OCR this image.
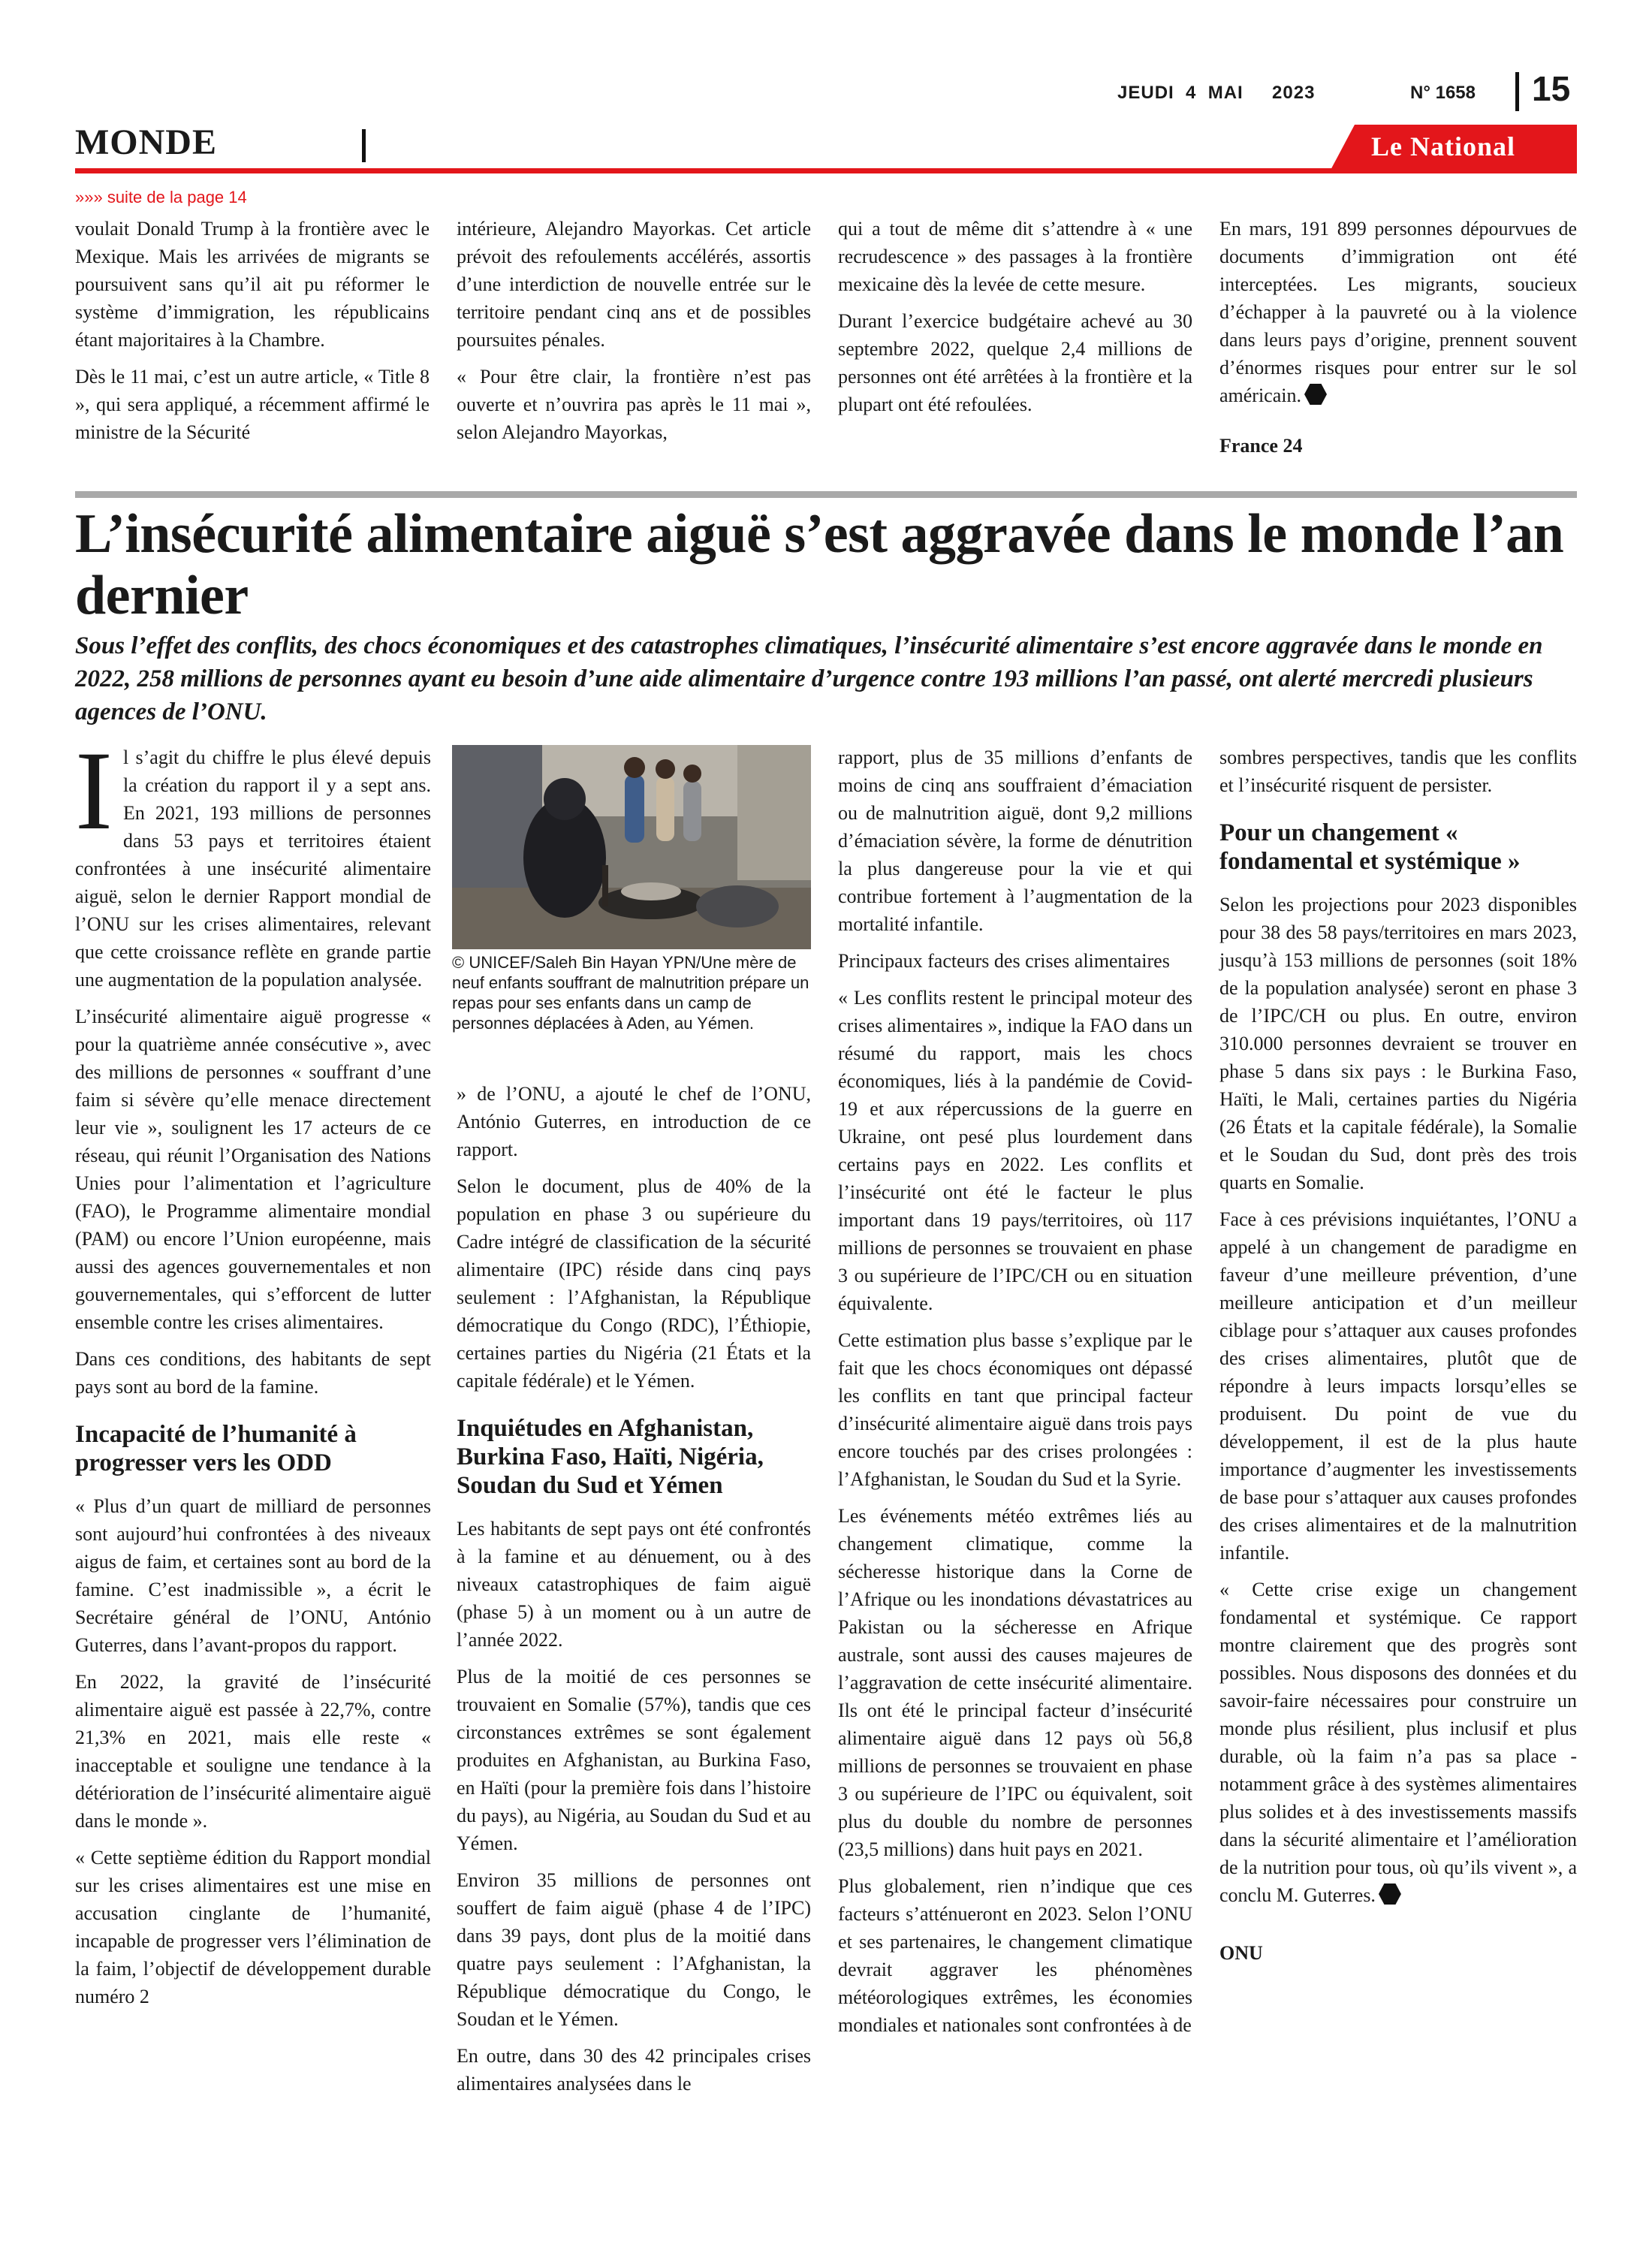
JEUDI  4  MAI     2023	N° 1658 15
MONDE	Le National
»»» suite de la page 14

voulait Donald Trump à la frontière avec le Mexique. Mais les arrivées de migrants se poursuivent sans qu’il ait pu réformer le système d’immigration, les républicains étant majoritaires à la Chambre.

Dès le 11 mai, c’est un autre article, « Title 8 », qui sera appliqué, a récemment affirmé le ministre de la Sécurité

intérieure, Alejandro Mayorkas. Cet article prévoit des refoulements accélérés, assortis d’une interdiction de nouvelle entrée sur le territoire pendant cinq ans et de possibles poursuites pénales.

« Pour être clair, la frontière n’est pas ouverte et n’ouvrira pas après le 11 mai », selon Alejandro Mayorkas,

qui a tout de même dit s’attendre à « une recrudescence » des passages à la frontière mexicaine dès la levée de cette mesure.

Durant l’exercice budgétaire achevé au 30 septembre 2022, quelque 2,4 millions de personnes ont été arrêtées à la frontière et la plupart ont été refoulées.

En mars, 191 899 personnes dépourvues de documents d’immigration ont été interceptées. Les migrants, soucieux d’échapper à la pauvreté ou à la violence dans leurs pays d’origine, prennent souvent d’énormes risques pour entrer sur le sol américain.

France 24
L’insécurité alimentaire aiguë s’est aggravée dans le monde l’an dernier
Sous l’effet des conflits, des chocs économiques et des catastrophes climatiques, l’insécurité alimentaire s’est encore aggravée dans le monde en 2022, 258 millions de personnes ayant eu besoin d’une aide alimentaire d’urgence contre 193 millions l’an passé, ont alerté mercredi plusieurs agences de l’ONU.

Il s’agit du chiffre le plus élevé depuis la création du rapport il y a sept ans. En 2021, 193 millions de personnes dans 53 pays et territoires étaient confrontées à une insécurité alimentaire aiguë, selon le dernier Rapport mondial de l’ONU sur les crises alimentaires, relevant que cette croissance reflète en grande partie une augmentation de la population analysée.

L’insécurité alimentaire aiguë progresse « pour la quatrième année consécutive », avec des millions de personnes « souffrant d’une faim si sévère qu’elle menace directement leur vie », soulignent les 17 acteurs de ce réseau, qui réunit l’Organisation des Nations Unies pour l’alimentation et l’agriculture (FAO), le Programme alimentaire mondial (PAM) ou encore l’Union européenne, mais aussi des agences gouvernementales et non gouvernementales, qui s’efforcent de lutter ensemble contre les crises alimentaires.

Dans ces conditions, des habitants de sept pays sont au bord de la famine.

Incapacité de l’humanité à progresser vers les ODD

« Plus d’un quart de milliard de personnes sont aujourd’hui confrontées à des niveaux aigus de faim, et certaines sont au bord de la famine. C’est inadmissible », a écrit le Secrétaire général de l’ONU, António Guterres, dans l’avant-propos du rapport.

En 2022, la gravité de l’insécurité alimentaire aiguë est passée à 22,7%, contre 21,3% en 2021, mais elle reste « inacceptable et souligne une tendance à la détérioration de l’insécurité alimentaire aiguë dans le monde ».

« Cette septième édition du Rapport mondial sur les crises alimentaires est une mise en accusation cinglante de l’humanité, incapable de progresser vers l’élimination de la faim, l’objectif de développement durable numéro 2

© UNICEF/Saleh Bin Hayan YPN/Une mère de neuf enfants souffrant de malnutrition prépare un repas pour ses enfants dans un camp de personnes déplacées à Aden, au Yémen.

» de l’ONU, a ajouté le chef de l’ONU, António Guterres, en introduction de ce rapport.

Selon le document, plus de 40% de la population en phase 3 ou supérieure du Cadre intégré de classification de la sécurité alimentaire (IPC) réside dans cinq pays seulement : l’Afghanistan, la République démocratique du Congo (RDC), l’Éthiopie, certaines parties du Nigéria (21 États et la capitale fédérale) et le Yémen.

Inquiétudes en Afghanistan, Burkina Faso, Haïti, Nigéria, Soudan du Sud et Yémen

Les habitants de sept pays ont été confrontés à la famine et au dénuement, ou à des niveaux catastrophiques de faim aiguë (phase 5) à un moment ou à un autre de l’année 2022.

Plus de la moitié de ces personnes se trouvaient en Somalie (57%), tandis que ces circonstances extrêmes se sont également produites en Afghanistan, au Burkina Faso, en Haïti (pour la première fois dans l’histoire du pays), au Nigéria, au Soudan du Sud et au Yémen.

Environ 35 millions de personnes ont souffert de faim aiguë (phase 4 de l’IPC) dans 39 pays, dont plus de la moitié dans quatre pays seulement : l’Afghanistan, la République démocratique du Congo, le Soudan et le Yémen.

En outre, dans 30 des 42 principales crises alimentaires analysées dans le

rapport, plus de 35 millions d’enfants de moins de cinq ans souffraient d’émaciation ou de malnutrition aiguë, dont 9,2 millions d’émaciation sévère, la forme de dénutrition la plus dangereuse pour la vie et qui contribue fortement à l’augmentation de la mortalité infantile.

Principaux facteurs des crises alimentaires

« Les conflits restent le principal moteur des crises alimentaires », indique la FAO dans un résumé du rapport, mais les chocs économiques, liés à la pandémie de Covid-19 et aux répercussions de la guerre en Ukraine, ont pesé plus lourdement dans certains pays en 2022. Les conflits et l’insécurité ont été le facteur le plus important dans 19 pays/territoires, où 117 millions de personnes se trouvaient en phase 3 ou supérieure de l’IPC/CH ou en situation équivalente.

Cette estimation plus basse s’explique par le fait que les chocs économiques ont dépassé les conflits en tant que principal facteur d’insécurité alimentaire aiguë dans trois pays encore touchés par des crises prolongées : l’Afghanistan, le Soudan du Sud et la Syrie.

Les événements météo extrêmes liés au changement climatique, comme la sécheresse historique dans la Corne de l’Afrique ou les inondations dévastatrices au Pakistan ou la sécheresse en Afrique australe, sont aussi des causes majeures de l’aggravation de cette insécurité alimentaire. Ils ont été le principal facteur d’insécurité alimentaire aiguë dans 12 pays où 56,8 millions de personnes se trouvaient en phase 3 ou supérieure de l’IPC ou équivalent, soit plus du double du nombre de personnes (23,5 millions) dans huit pays en 2021.

Plus globalement, rien n’indique que ces facteurs s’atténueront en 2023. Selon l’ONU et ses partenaires, le changement climatique devrait aggraver les phénomènes météorologiques extrêmes, les économies mondiales et nationales sont confrontées à de

sombres perspectives, tandis que les conflits et l’insécurité risquent de persister.

Pour un changement « fondamental et systémique »

Selon les projections pour 2023 disponibles pour 38 des 58 pays/territoires en mars 2023, jusqu’à 153 millions de personnes (soit 18% de la population analysée) seront en phase 3 de l’IPC/CH ou plus. En outre, environ 310.000 personnes devraient se trouver en phase 5 dans six pays : le Burkina Faso, Haïti, le Mali, certaines parties du Nigéria (26 États et la capitale fédérale), la Somalie et le Soudan du Sud, dont près des trois quarts en Somalie.

Face à ces prévisions inquiétantes, l’ONU a appelé à un changement de paradigme en faveur d’une meilleure prévention, d’une meilleure anticipation et d’un meilleur ciblage pour s’attaquer aux causes profondes des crises alimentaires, plutôt que de répondre à leurs impacts lorsqu’elles se produisent. Du point de vue du développement, il est de la plus haute importance d’augmenter les investissements de base pour s’attaquer aux causes profondes des crises alimentaires et de la malnutrition infantile.

« Cette crise exige un changement fondamental et systémique. Ce rapport montre clairement que des progrès sont possibles. Nous disposons des données et du savoir-faire nécessaires pour construire un monde plus résilient, plus inclusif et plus durable, où la faim n’a pas sa place - notamment grâce à des systèmes alimentaires plus solides et à des investissements massifs dans la sécurité alimentaire et l’amélioration de la nutrition pour tous, où qu’ils vivent », a conclu M. Guterres.

ONU
